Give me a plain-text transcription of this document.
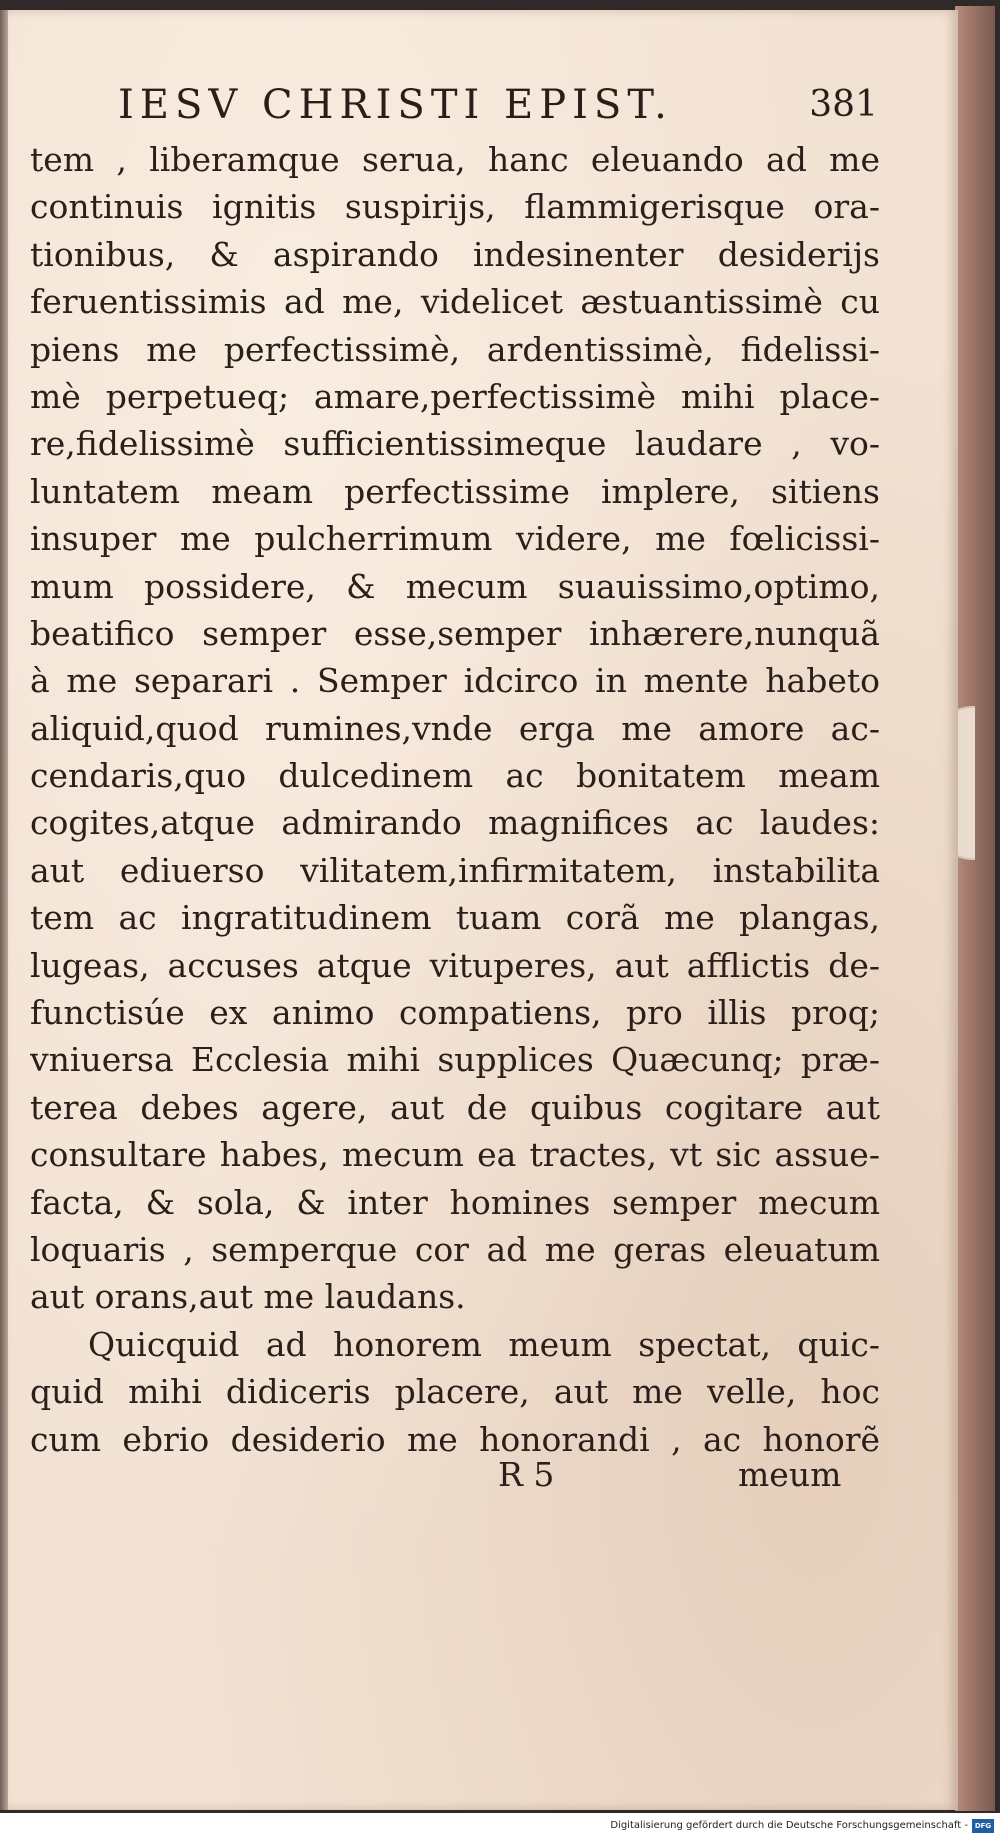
IESV CHRISTI EPIST.	381
tem , liberamque serua, hanc eleuando ad me
continuis ignitis suspirijs, flammigerisque ora-
tionibus, & aspirando indesinenter desiderijs
feruentissimis ad me, videlicet æstuantissimè cu
piens me perfectissimè, ardentissimè, fidelissi-
mè perpetueq; amare,perfectissimè mihi place-
re,fidelissimè sufficientissimeque laudare , vo-
luntatem meam perfectissime implere, sitiens
insuper me pulcherrimum videre, me fœlicissi-
mum possidere, & mecum suauissimo,optimo,
beatifico semper esse,semper inhærere,nunquã
à me separari . Semper idcirco in mente habeto
aliquid,quod rumines,vnde erga me amore ac-
cendaris,quo dulcedinem ac bonitatem meam
cogites,atque admirando magnifices ac laudes:
aut ediuerso vilitatem,infirmitatem, instabilita
tem ac ingratitudinem tuam corã me plangas,
lugeas, accuses atque vituperes, aut afflictis de-
functisúe ex animo compatiens, pro illis proq;
vniuersa Ecclesia mihi supplices Quæcunq; præ-
terea debes agere, aut de quibus cogitare aut
consultare habes, mecum ea tractes, vt sic assue-
facta, & sola, & inter homines semper mecum
loquaris , semperque cor ad me geras eleuatum
aut orans,aut me laudans.
Quicquid ad honorem meum spectat, quic-
quid mihi didiceris placere, aut me velle, hoc
cum ebrio desiderio me honorandi , ac honorẽ
R 5	meum
Digitalisierung gefördert durch die Deutsche Forschungsgemeinschaft - DFG
